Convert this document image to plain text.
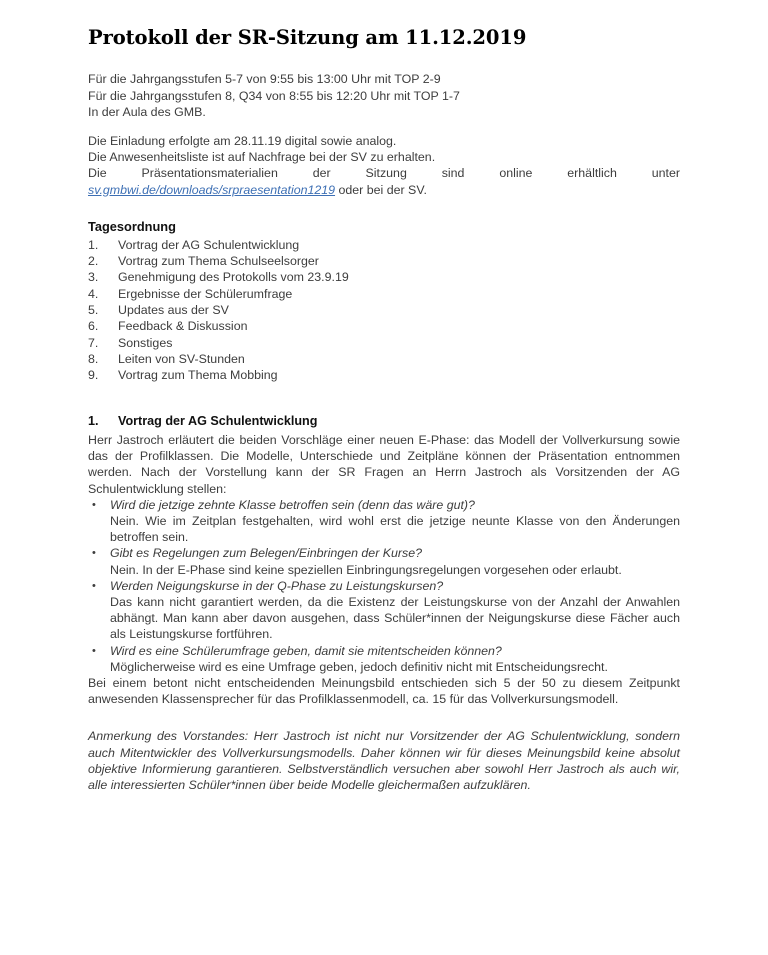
Protokoll der SR-Sitzung am 11.12.2019
Für die Jahrgangsstufen 5-7 von 9:55 bis 13:00 Uhr mit TOP 2-9
Für die Jahrgangsstufen 8, Q34 von 8:55 bis 12:20 Uhr mit TOP 1-7
In der Aula des GMB.
Die Einladung erfolgte am 28.11.19 digital sowie analog.
Die Anwesenheitsliste ist auf Nachfrage bei der SV zu erhalten.

Die Präsentationsmaterialien der Sitzung sind online erhältlich unter sv.gmbwi.de/downloads/srpraesentation1219 oder bei der SV.

Tagesordnung
1.	Vortrag der AG Schulentwicklung
2.	Vortrag zum Thema Schulseelsorger
3.	Genehmigung des Protokolls vom 23.9.19
4.	Ergebnisse der Schülerumfrage
5.	Updates aus der SV
6.	Feedback & Diskussion
7.	Sonstiges
8.	Leiten von SV-Stunden
9.	Vortrag zum Thema Mobbing
1.	Vortrag der AG Schulentwicklung

Herr Jastroch erläutert die beiden Vorschläge einer neuen E-Phase: das Modell der Vollverkursung sowie das der Profilklassen. Die Modelle, Unterschiede und Zeitpläne können der Präsentation entnommen werden. Nach der Vorstellung kann der SR Fragen an Herrn Jastroch als Vorsitzenden der AG Schulentwicklung stellen:

•	Wird die jetzige zehnte Klasse betroffen sein (denn das wäre gut)?
Nein. Wie im Zeitplan festgehalten, wird wohl erst die jetzige neunte Klasse von den Änderungen betroffen sein.
•	Gibt es Regelungen zum Belegen/Einbringen der Kurse?
Nein. In der E-Phase sind keine speziellen Einbringungsregelungen vorgesehen oder erlaubt.
•	Werden Neigungskurse in der Q-Phase zu Leistungskursen?
Das kann nicht garantiert werden, da die Existenz der Leistungskurse von der Anzahl der Anwahlen abhängt. Man kann aber davon ausgehen, dass Schüler*innen der Neigungskurse diese Fächer auch als Leistungskurse fortführen.
•	Wird es eine Schülerumfrage geben, damit sie mitentscheiden können?
Möglicherweise wird es eine Umfrage geben, jedoch definitiv nicht mit Entscheidungsrecht.

Bei einem betont nicht entscheidenden Meinungsbild entschieden sich 5 der 50 zu diesem Zeitpunkt anwesenden Klassensprecher für das Profilklassenmodell, ca. 15 für das Vollverkursungsmodell.

Anmerkung des Vorstandes: Herr Jastroch ist nicht nur Vorsitzender der AG Schulentwicklung, sondern auch Mitentwickler des Vollverkursungsmodells. Daher können wir für dieses Meinungsbild keine absolut objektive Informierung garantieren. Selbstverständlich versuchen aber sowohl Herr Jastroch als auch wir, alle interessierten Schüler*innen über beide Modelle gleichermaßen aufzuklären.
